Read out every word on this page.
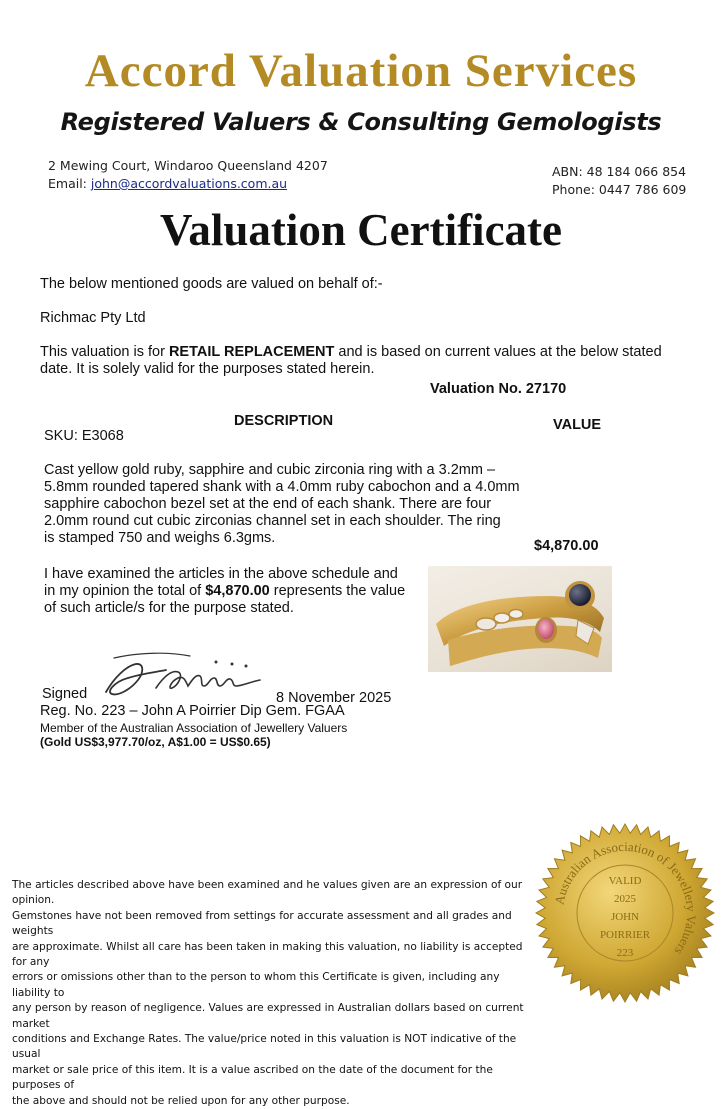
Accord Valuation Services
Registered Valuers & Consulting Gemologists
2 Mewing Court, Windaroo Queensland 4207
Email: john@accordvaluations.com.au
ABN: 48 184 066 854
Phone: 0447 786 609
Valuation Certificate
The below mentioned goods are valued on behalf of:-
Richmac Pty Ltd
This valuation is for RETAIL REPLACEMENT and is based on current values at the below stated
date. It is solely valid for the purposes stated herein.
Valuation No. 27170
DESCRIPTION	VALUE
SKU: E3068
Cast yellow gold ruby, sapphire and cubic zirconia ring with a 3.2mm –
5.8mm rounded tapered shank with a 4.0mm ruby cabochon and a 4.0mm
sapphire cabochon bezel set at the end of each shank. There are four
2.0mm round cut cubic zirconias channel set in each shoulder. The ring
is stamped 750 and weighs 6.3gms.	$4,870.00
I have examined the articles in the above schedule and
in my opinion the total of $4,870.00 represents the value
of such article/s for the purpose stated.
Signed	8 November 2025
Reg. No. 223 – John A Poirrier Dip Gem. FGAA
Member of the Australian Association of Jewellery Valuers
(Gold US$3,977.70/oz, A$1.00 = US$0.65)
The articles described above have been examined and he values given are an expression of our opinion.
Gemstones have not been removed from settings for accurate assessment and all grades and weights
are approximate. Whilst all care has been taken in making this valuation, no liability is accepted for any
errors or omissions other than to the person to whom this Certificate is given, including any liability to
any person by reason of negligence. Values are expressed in Australian dollars based on current market
conditions and Exchange Rates. The value/price noted in this valuation is NOT indicative of the usual
market or sale price of this item. It is a value ascribed on the date of the document for the purposes of
the above and should not be relied upon for any other purpose.
Australian Association of Jewellery Valuers
VALID
2025
JOHN
POIRRIER
223
